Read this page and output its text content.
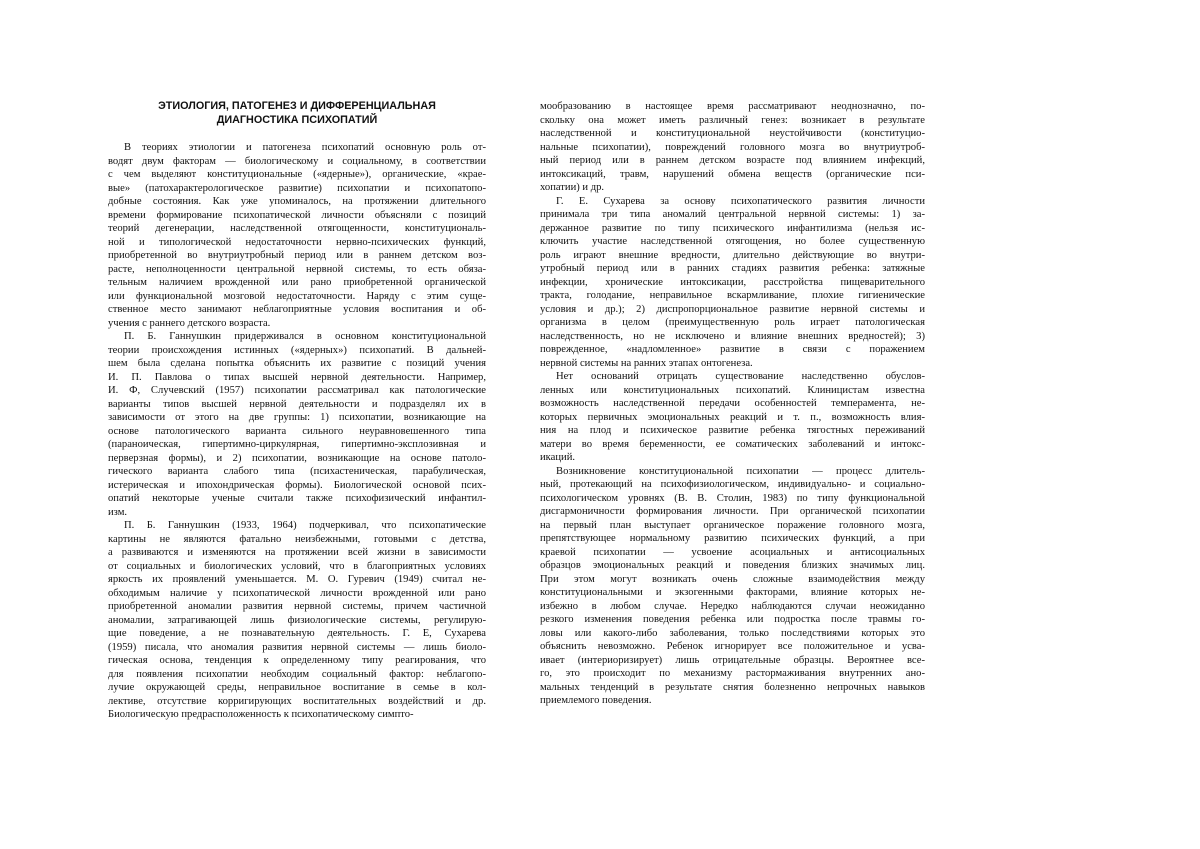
ЭТИОЛОГИЯ, ПАТОГЕНЕЗ И ДИФФЕРЕНЦИАЛЬНАЯ
ДИАГНОСТИКА ПСИХОПАТИЙ

В теориях этиологии и патогенеза психопатий основную роль от-
водят двум факторам — биологическому и социальному, в соответствии
с чем выделяют конституциональные («ядерные»), органические, «крае-
вые» (патохарактерологическое развитие) психопатии и психопатопо-
добные состояния. Как уже упоминалось, на протяжении длительного
времени формирование психопатической личности объясняли с позиций
теорий дегенерации, наследственной отягощенности, конституциональ-
ной и типологической недостаточности нервно-психических функций,
приобретенной во внутриутробный период или в раннем детском воз-
расте, неполноценности центральной нервной системы, то есть обяза-
тельным наличием врожденной или рано приобретенной органической
или функциональной мозговой недостаточности. Наряду с этим суще-
ственное место занимают неблагоприятные условия воспитания и об-
учения с раннего детского возраста.

П. Б. Ганнушкин придерживался в основном конституциональной
теории происхождения истинных («ядерных») психопатий. В дальней-
шем была сделана попытка объяснить их развитие с позиций учения
И. П. Павлова о типах высшей нервной деятельности. Например,
И. Ф, Случевский (1957) психопатии рассматривал как патологические
варианты типов высшей нервной деятельности и подразделял их в
зависимости от этого на две группы: 1) психопатии, возникающие на
основе патологического варианта сильного неуравновешенного типа
(параноическая, гипертимно-циркулярная, гипертимно-эксплозивная и
перверзная формы), и 2) психопатии, возникающие на основе патоло-
гического варианта слабого типа (психастеническая, парабулическая,
истерическая и ипохондрическая формы). Биологической основой псих-
опатий некоторые ученые считали также психофизический инфантил-
изм.

П. Б. Ганнушкин (1933, 1964) подчеркивал, что психопатические
картины не являются фатально неизбежными, готовыми с детства,
а развиваются и изменяются на протяжении всей жизни в зависимости
от социальных и биологических условий, что в благоприятных условиях
яркость их проявлений уменьшается. М. О. Гуревич (1949) считал не-
обходимым наличие у психопатической личности врожденной или рано
приобретенной аномалии развития нервной системы, причем частичной
аномалии, затрагивающей лишь физиологические системы, регулирую-
щие поведение, а не познавательную деятельность. Г. Е, Сухарева
(1959) писала, что аномалия развития нервной системы — лишь биоло-
гическая основа, тенденция к определенному типу реагирования, что
для появления психопатии необходим социальный фактор: неблагопо-
лучие окружающей среды, неправильное воспитание в семье в кол-
лективе, отсутствие корригирующих воспитательных воздействий и др.
Биологическую предрасположенность к психопатическому симпто-

мообразованию в настоящее время рассматривают неоднозначно, по-
скольку она может иметь различный генез: возникает в результате
наследственной и конституциональной неустойчивости (конституцио-
нальные психопатии), повреждений головного мозга во внутриутроб-
ный период или в раннем детском возрасте под влиянием инфекций,
интоксикаций, травм, нарушений обмена веществ (органические пси-
хопатии) и др.

Г. Е. Сухарева за основу психопатического развития личности
принимала три типа аномалий центральной нервной системы: 1) за-
держанное развитие по типу психического инфантилизма (нельзя ис-
ключить участие наследственной отягощения, но более существенную
роль играют внешние вредности, длительно действующие во внутри-
утробный период или в ранних стадиях развития ребенка: затяжные
инфекции, хронические интоксикации, расстройства пищеварительного
тракта, голодание, неправильное вскармливание, плохие гигиенические
условия и др.); 2) диспропорциональное развитие нервной системы и
организма в целом (преимущественную роль играет патологическая
наследственность, но не исключено и влияние внешних вредностей); 3)
поврежденное, «надломленное» развитие в связи с поражением
нервной системы на ранних этапах онтогенеза.

Нет оснований отрицать существование наследственно обуслов-
ленных или конституциональных психопатий. Клиницистам известна
возможность наследственной передачи особенностей темперамента, не-
которых первичных эмоциональных реакций и т. п., возможность влия-
ния на плод и психическое развитие ребенка тягостных переживаний
матери во время беременности, ее соматических заболеваний и интокс-
икаций.

Возникновение конституциональной психопатии — процесс длитель-
ный, протекающий на психофизиологическом, индивидуально- и социально-
психологическом уровнях (В. В. Столин, 1983) по типу функциональной
дисгармоничности формирования личности. При органической психопатии
на первый план выступает органическое поражение головного мозга,
препятствующее нормальному развитию психических функций, а при
краевой психопатии — усвоение асоциальных и антисоциальных
образцов эмоциональных реакций и поведения близких значимых лиц.
При этом могут возникать очень сложные взаимодействия между
конституциональными и экзогенными факторами, влияние которых не-
избежно в любом случае. Нередко наблюдаются случаи неожиданно
резкого изменения поведения ребенка или подростка после травмы го-
ловы или какого-либо заболевания, только последствиями которых это
объяснить невозможно. Ребенок игнорирует все положительное и усва-
ивает (интериоризирует) лишь отрицательные образцы. Вероятнее все-
го, это происходит по механизму растормаживания внутренних ано-
мальных тенденций в результате снятия болезненно непрочных навыков
приемлемого поведения.
